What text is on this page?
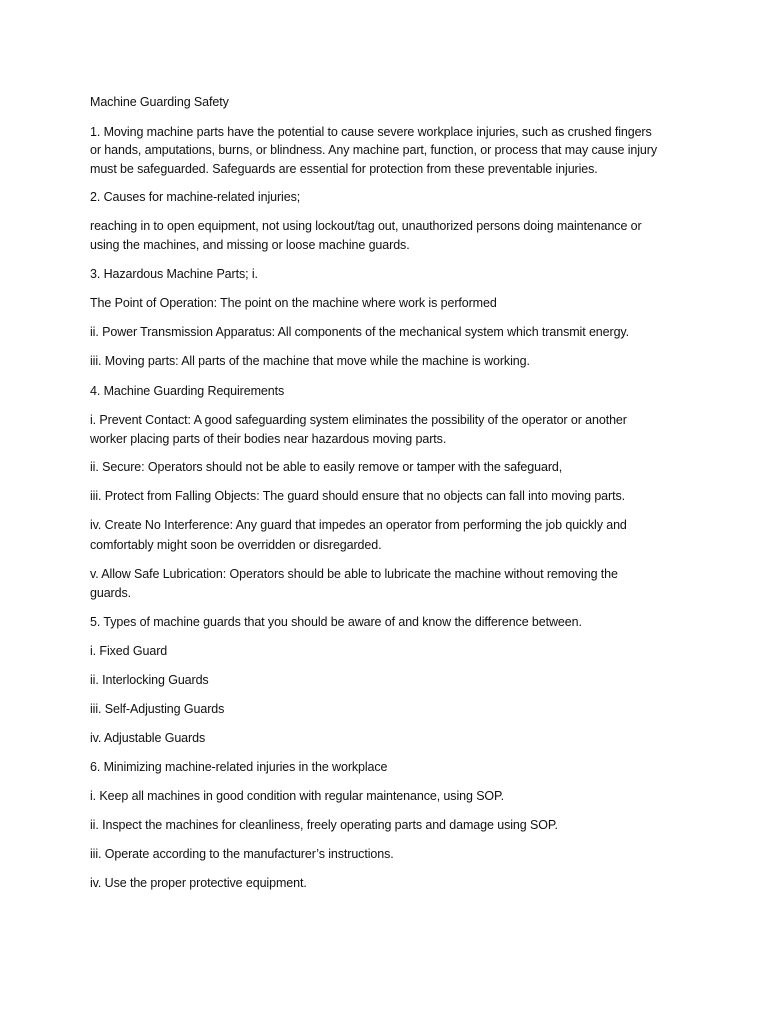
Machine Guarding Safety
1. Moving machine parts have the potential to cause severe workplace injuries, such as crushed fingers
or hands, amputations, burns, or blindness. Any machine part, function, or process that may cause injury
must be safeguarded. Safeguards are essential for protection from these preventable injuries.
2. Causes for machine-related injuries;
reaching in to open equipment, not using lockout/tag out, unauthorized persons doing maintenance or
using the machines, and missing or loose machine guards.
3. Hazardous Machine Parts; i.
The Point of Operation: The point on the machine where work is performed
ii. Power Transmission Apparatus: All components of the mechanical system which transmit energy.
iii. Moving parts: All parts of the machine that move while the machine is working.
4. Machine Guarding Requirements
i. Prevent Contact: A good safeguarding system eliminates the possibility of the operator or another
worker placing parts of their bodies near hazardous moving parts.
ii. Secure: Operators should not be able to easily remove or tamper with the safeguard,
iii. Protect from Falling Objects: The guard should ensure that no objects can fall into moving parts.
iv. Create No Interference: Any guard that impedes an operator from performing the job quickly and
comfortably might soon be overridden or disregarded.
v. Allow Safe Lubrication: Operators should be able to lubricate the machine without removing the
guards.
5. Types of machine guards that you should be aware of and know the difference between.
i. Fixed Guard
ii. Interlocking Guards
iii. Self-Adjusting Guards
iv. Adjustable Guards
6. Minimizing machine-related injuries in the workplace
i. Keep all machines in good condition with regular maintenance, using SOP.
ii. Inspect the machines for cleanliness, freely operating parts and damage using SOP.
iii. Operate according to the manufacturer’s instructions.
iv. Use the proper protective equipment.
